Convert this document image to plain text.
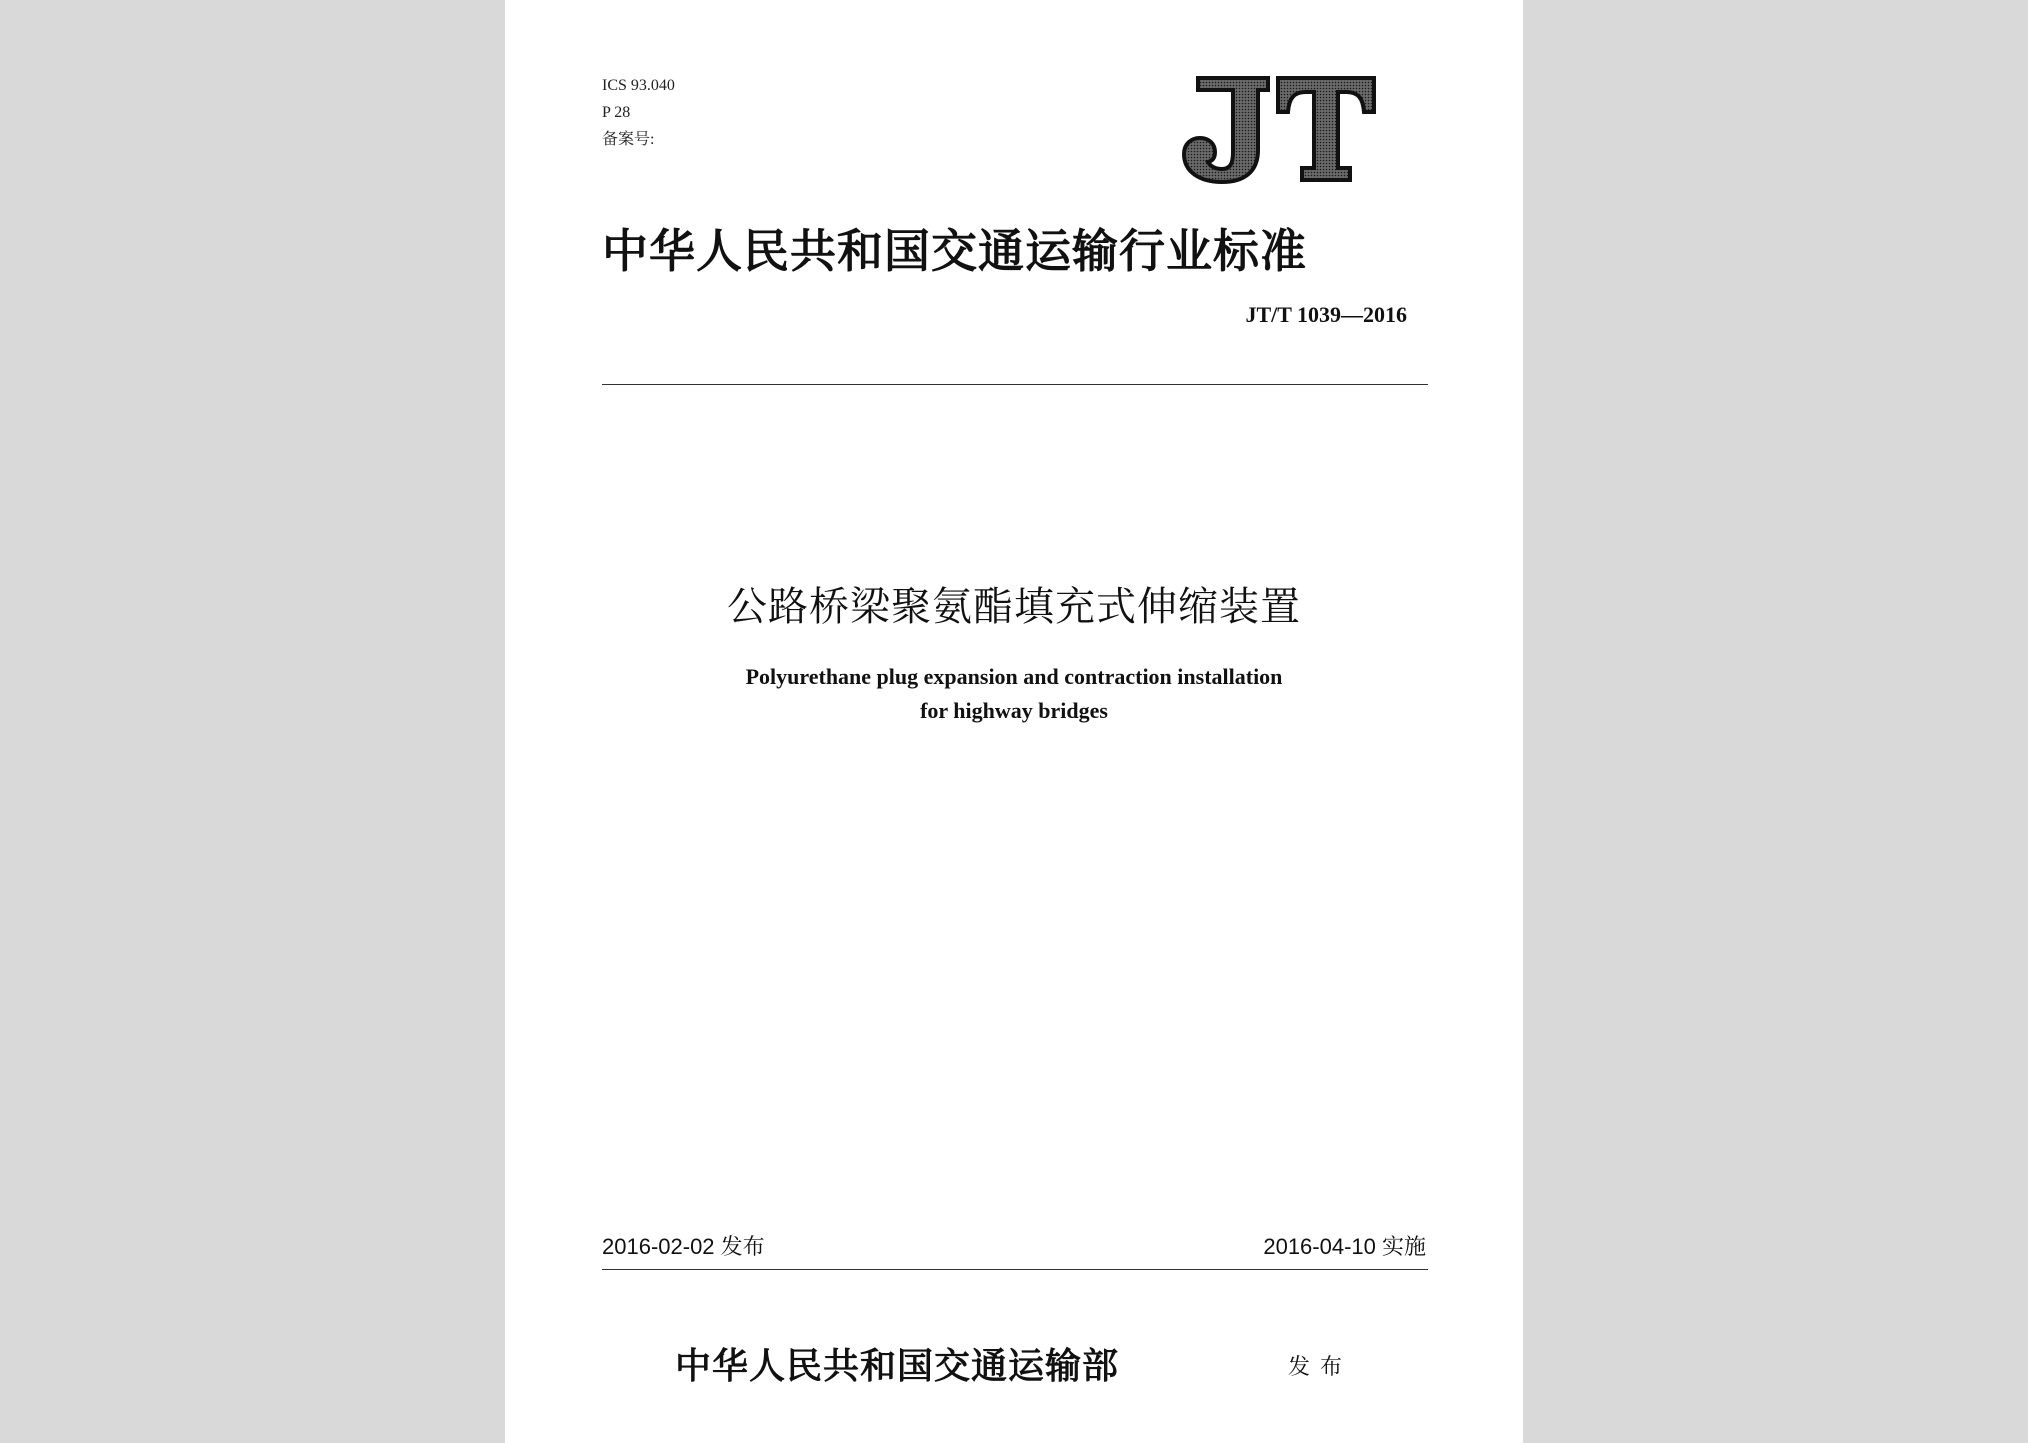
ICS 93.040
P 28
备案号:
中华人民共和国交通运输行业标准
JT/T 1039—2016
公路桥梁聚氨酯填充式伸缩装置
Polyurethane plug expansion and contraction installation
for highway bridges
2016-02-02 发布	2016-04-10 实施
中华人民共和国交通运输部	发布
